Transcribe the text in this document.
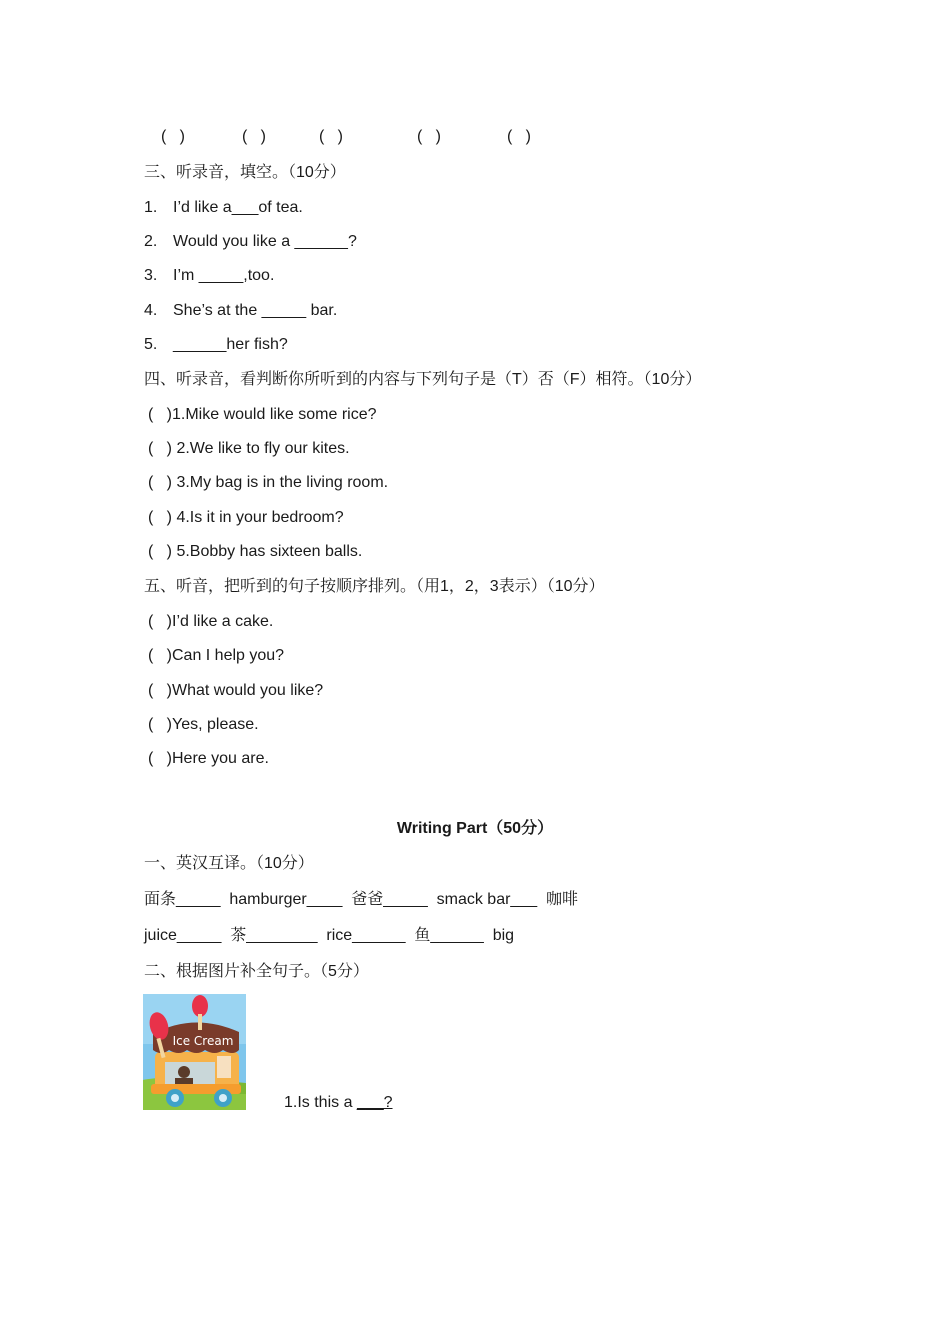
(   )	(   )	(   )	(   )	(   )
三、听录音，填空。（10分）
1. I’d like a___of tea.
2. Would you like a ______?
3. I’m _____,too.
4. She’s at the _____ bar.
5. ______her fish?
四、听录音，看判断你所听到的内容与下列句子是（T）否（F）相符。（10分）
(   )1.Mike would like some rice?
(   ) 2.We like to fly our kites.
(   ) 3.My bag is in the living room.
(   ) 4.Is it in your bedroom?
(   ) 5.Bobby has sixteen balls.
五、听音，把听到的句子按顺序排列。（用1，2，3表示）（10分）
(   )I’d like a cake.
(   )Can I help you?
(   )What would you like?
(   )Yes, please.
(   )Here you are.
Writing Part（50分）
一、英汉互译。（10分）
面条_____  hamburger____  爸爸_____  smack bar___  咖啡
juice_____  茶________  rice______  鱼______  big
二、根据图片补全句子。（5分）
Ice Cream
1.Is this a ___?
